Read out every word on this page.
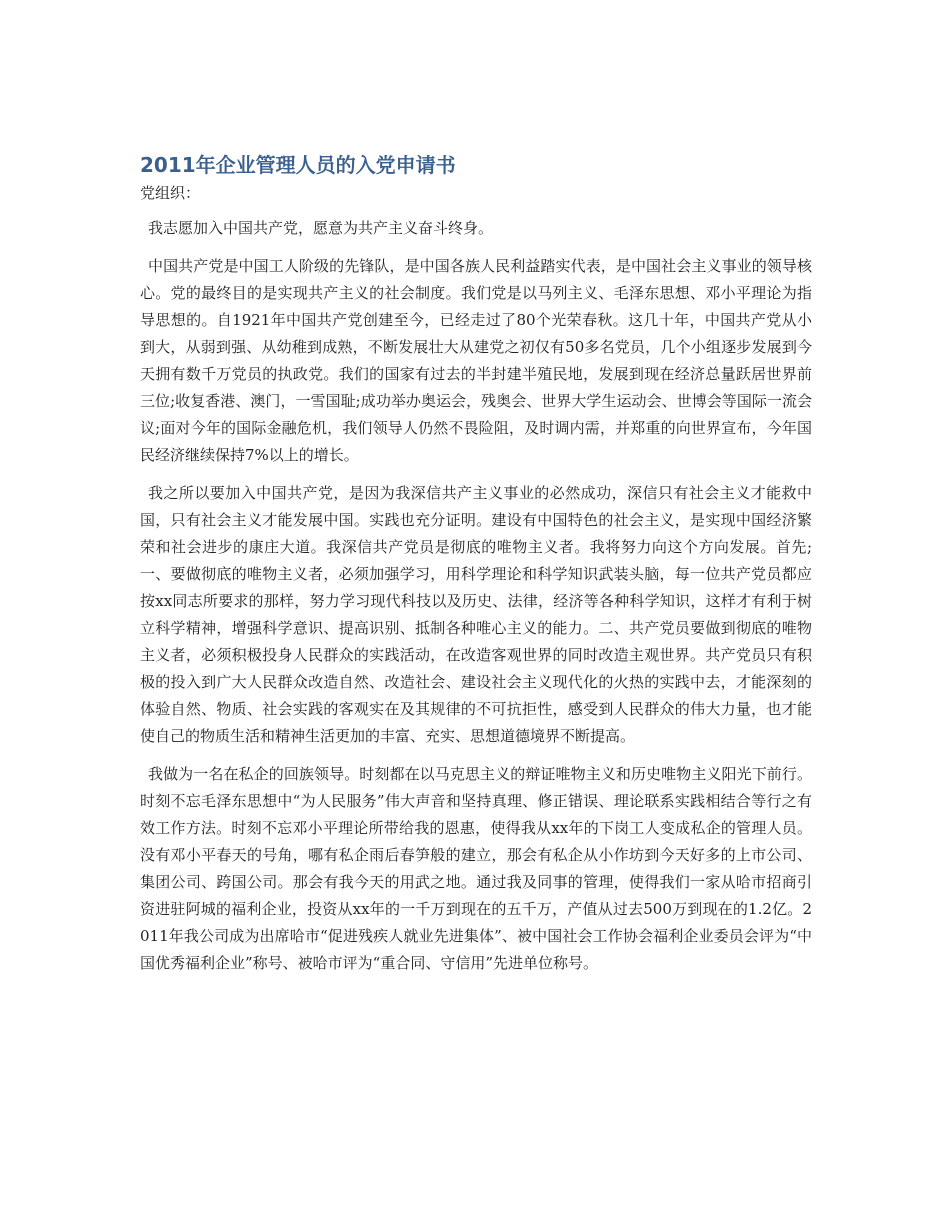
2011年企业管理人员的入党申请书

党组织：

我志愿加入中国共产党，愿意为共产主义奋斗终身。

中国共产党是中国工人阶级的先锋队，是中国各族人民利益踏实代表，是中国社会主义事业的领导核心。党的最终目的是实现共产主义的社会制度。我们党是以马列主义、毛泽东思想、邓小平理论为指导思想的。自1921年中国共产党创建至今，已经走过了80个光荣春秋。这几十年，中国共产党从小到大，从弱到强、从幼稚到成熟，不断发展壮大从建党之初仅有50多名党员，几个小组逐步发展到今天拥有数千万党员的执政党。我们的国家有过去的半封建半殖民地，发展到现在经济总量跃居世界前三位;收复香港、澳门，一雪国耻;成功举办奥运会，残奥会、世界大学生运动会、世博会等国际一流会议;面对今年的国际金融危机，我们领导人仍然不畏险阻，及时调内需，并郑重的向世界宣布，今年国民经济继续保持7%以上的增长。

我之所以要加入中国共产党，是因为我深信共产主义事业的必然成功，深信只有社会主义才能救中国，只有社会主义才能发展中国。实践也充分证明。建设有中国特色的社会主义，是实现中国经济繁荣和社会进步的康庄大道。我深信共产党员是彻底的唯物主义者。我将努力向这个方向发展。首先;一、要做彻底的唯物主义者，必须加强学习，用科学理论和科学知识武装头脑，每一位共产党员都应按xx同志所要求的那样，努力学习现代科技以及历史、法律，经济等各种科学知识，这样才有利于树立科学精神，增强科学意识、提高识别、抵制各种唯心主义的能力。二、共产党员要做到彻底的唯物主义者，必须积极投身人民群众的实践活动，在改造客观世界的同时改造主观世界。共产党员只有积极的投入到广大人民群众改造自然、改造社会、建设社会主义现代化的火热的实践中去，才能深刻的体验自然、物质、社会实践的客观实在及其规律的不可抗拒性，感受到人民群众的伟大力量，也才能使自己的物质生活和精神生活更加的丰富、充实、思想道德境界不断提高。

我做为一名在私企的回族领导。时刻都在以马克思主义的辩证唯物主义和历史唯物主义阳光下前行。时刻不忘毛泽东思想中“为人民服务”伟大声音和坚持真理、修正错误、理论联系实践相结合等行之有效工作方法。时刻不忘邓小平理论所带给我的恩惠，使得我从xx年的下岗工人变成私企的管理人员。没有邓小平春天的号角，哪有私企雨后春笋般的建立，那会有私企从小作坊到今天好多的上市公司、集团公司、跨国公司。那会有我今天的用武之地。通过我及同事的管理，使得我们一家从哈市招商引资进驻阿城的福利企业，投资从xx年的一千万到现在的五千万，产值从过去500万到现在的1.2亿。2011年我公司成为出席哈市“促进残疾人就业先进集体”、被中国社会工作协会福利企业委员会评为“中国优秀福利企业”称号、被哈市评为“重合同、守信用”先进单位称号。
